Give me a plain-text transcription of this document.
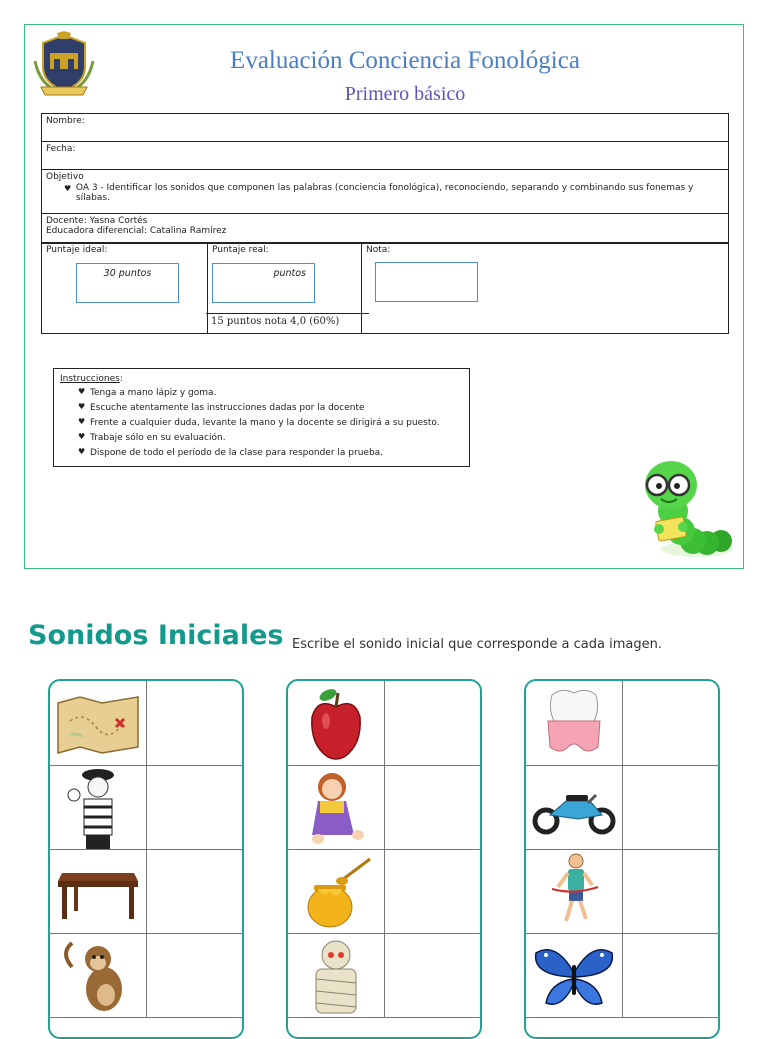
Evaluación Conciencia Fonológica
Primero básico
Nombre:
Fecha:

Objetivo
♥ OA 3 - Identificar los sonidos que componen las palabras (conciencia fonológica), reconociendo, separando y combinando sus fonemas y sílabas.

Docente: Yasna Cortés
Educadora diferencial: Catalina Ramírez
Puntaje ideal:	Puntaje real:	Nota:
15 puntos nota 4,0 (60%)
30 puntos	puntos
Instrucciones:
♥ Tenga a mano lápiz y goma.
♥ Escuche atentamente las instrucciones dadas por la docente
♥ Frente a cualquier duda, levante la mano y la docente se dirigirá a su puesto.
♥ Trabaje sólo en su evaluación.
♥ Dispone de todo el período de la clase para responder la prueba.
Sonidos Iniciales Escribe el sonido inicial que corresponde a cada imagen.
